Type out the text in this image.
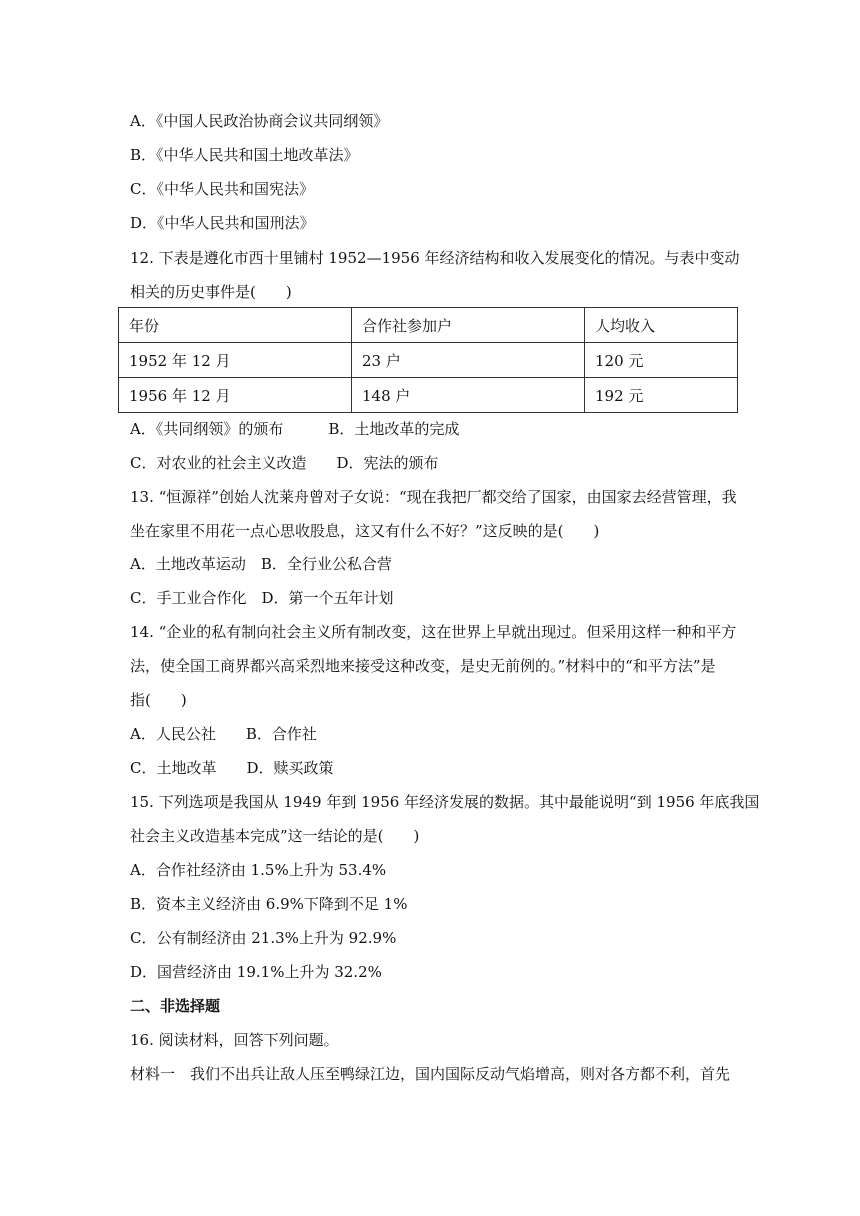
A．《中国人民政治协商会议共同纲领》

B．《中华人民共和国土地改革法》

C．《中华人民共和国宪法》

D．《中华人民共和国刑法》

12. 下表是遵化市西十里铺村 1952—1956 年经济结构和收入发展变化的情况。与表中变动

相关的历史事件是(　　)

年份	合作社参加户	人均收入
1952 年 12 月	23 户	120 元
1956 年 12 月	148 户	192 元

A．《共同纲领》的颁布　　　B．土地改革的完成

C．对农业的社会主义改造　　D．宪法的颁布

13. “恒源祥”创始人沈莱舟曾对子女说：“现在我把厂都交给了国家，由国家去经营管理，我

坐在家里不用花一点心思收股息，这又有什么不好？”这反映的是(　　)

A．土地改革运动　B．全行业公私合营

C．手工业合作化　D．第一个五年计划

14. “企业的私有制向社会主义所有制改变，这在世界上早就出现过。但采用这样一种和平方

法，使全国工商界都兴高采烈地来接受这种改变，是史无前例的。”材料中的“和平方法”是

指(　　)

A．人民公社　　B．合作社

C．土地改革　　D．赎买政策

15. 下列选项是我国从 1949 年到 1956 年经济发展的数据。其中最能说明“到 1956 年底我国

社会主义改造基本完成”这一结论的是(　　)

A．合作社经济由 1.5%上升为 53.4%

B．资本主义经济由 6.9%下降到不足 1%

C．公有制经济由 21.3%上升为 92.9%

D．国营经济由 19.1%上升为 32.2%

二、非选择题

16. 阅读材料，回答下列问题。

材料一　我们不出兵让敌人压至鸭绿江边，国内国际反动气焰增高，则对各方都不利，首先
